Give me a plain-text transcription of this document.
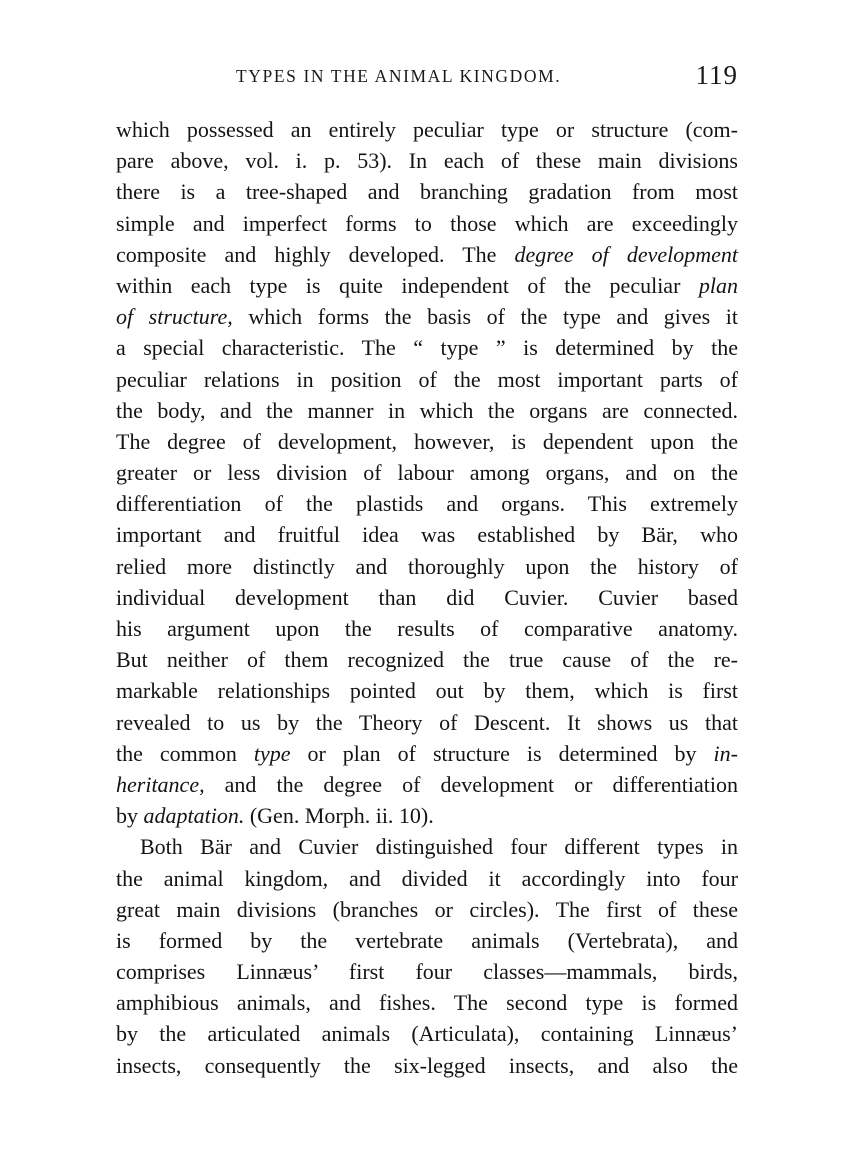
TYPES IN THE ANIMAL KINGDOM.	119
which possessed an entirely peculiar type or structure (com-
pare above, vol. i. p. 53). In each of these main divisions
there is a tree-shaped and branching gradation from most
simple and imperfect forms to those which are exceedingly
composite and highly developed. The degree of development
within each type is quite independent of the peculiar plan
of structure, which forms the basis of the type and gives it
a special characteristic. The “ type ” is determined by the
peculiar relations in position of the most important parts of
the body, and the manner in which the organs are connected.
The degree of development, however, is dependent upon the
greater or less division of labour among organs, and on the
differentiation of the plastids and organs. This extremely
important and fruitful idea was established by Bär, who
relied more distinctly and thoroughly upon the history of
individual development than did Cuvier. Cuvier based
his argument upon the results of comparative anatomy.
But neither of them recognized the true cause of the re-
markable relationships pointed out by them, which is first
revealed to us by the Theory of Descent. It shows us that
the common type or plan of structure is determined by in-
heritance, and the degree of development or differentiation
by adaptation. (Gen. Morph. ii. 10).
Both Bär and Cuvier distinguished four different types in
the animal kingdom, and divided it accordingly into four
great main divisions (branches or circles). The first of these
is formed by the vertebrate animals (Vertebrata), and
comprises Linnæus’ first four classes—mammals, birds,
amphibious animals, and fishes. The second type is formed
by the articulated animals (Articulata), containing Linnæus’
insects, consequently the six-legged insects, and also the
